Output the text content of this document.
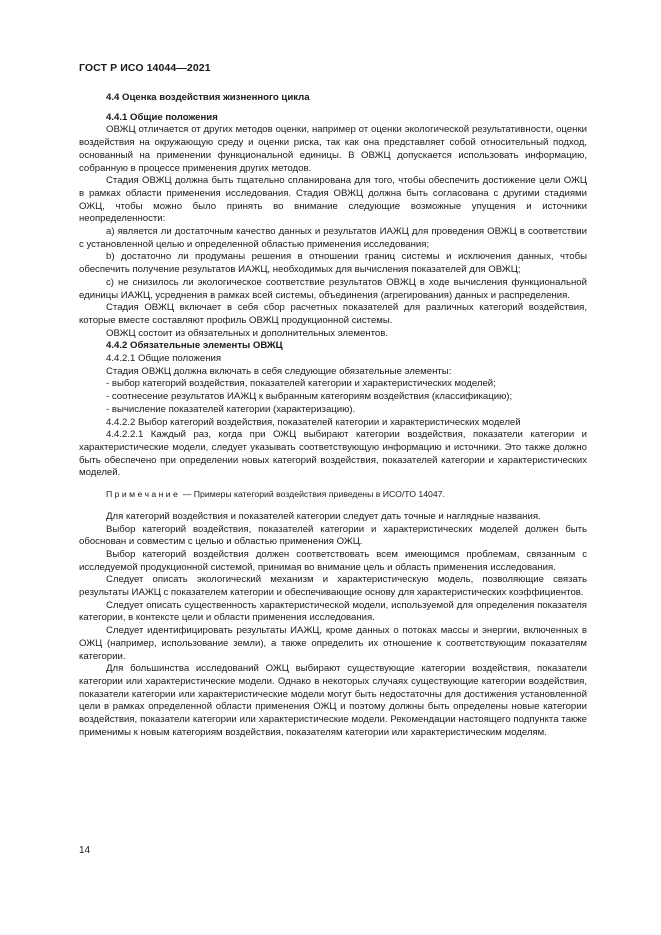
ГОСТ Р ИСО 14044—2021

4.4 Оценка воздействия жизненного цикла

4.4.1 Общие положения

ОВЖЦ отличается от других методов оценки, например от оценки экологической результативности, оценки воздействия на окружающую среду и оценки риска, так как она представляет собой относительный подход, основанный на применении функциональной единицы. В ОВЖЦ допускается использовать информацию, собранную в процессе применения других методов.

Стадия ОВЖЦ должна быть тщательно спланирована для того, чтобы обеспечить достижение цели ОЖЦ в рамках области применения исследования. Стадия ОВЖЦ должна быть согласована с другими стадиями ОЖЦ, чтобы можно было принять во внимание следующие возможные упущения и источники неопределенности:

a) является ли достаточным качество данных и результатов ИАЖЦ для проведения ОВЖЦ в соответствии с установленной целью и определенной областью применения исследования;

b) достаточно ли продуманы решения в отношении границ системы и исключения данных, чтобы обеспечить получение результатов ИАЖЦ, необходимых для вычисления показателей для ОВЖЦ;

c) не снизилось ли экологическое соответствие результатов ОВЖЦ в ходе вычисления функциональной единицы ИАЖЦ, усреднения в рамках всей системы, объединения (агрегирования) данных и распределения.

Стадия ОВЖЦ включает в себя сбор расчетных показателей для различных категорий воздействия, которые вместе составляют профиль ОВЖЦ продукционной системы.

ОВЖЦ состоит из обязательных и дополнительных элементов.

4.4.2 Обязательные элементы ОВЖЦ

4.4.2.1 Общие положения

Стадия ОВЖЦ должна включать в себя следующие обязательные элементы:

- выбор категорий воздействия, показателей категории и характеристических моделей;

- соотнесение результатов ИАЖЦ к выбранным категориям воздействия (классификацию);

- вычисление показателей категории (характеризацию).

4.4.2.2 Выбор категорий воздействия, показателей категории и характеристических моделей

4.4.2.2.1 Каждый раз, когда при ОЖЦ выбирают категории воздействия, показатели категории и характеристические модели, следует указывать соответствующую информацию и источники. Это также должно быть обеспечено при определении новых категорий воздействия, показателей категории и характеристических моделей.

Примечание — Примеры категорий воздействия приведены в ИСО/ТО 14047.

Для категорий воздействия и показателей категории следует дать точные и наглядные названия.

Выбор категорий воздействия, показателей категории и характеристических моделей должен быть обоснован и совместим с целью и областью применения ОЖЦ.

Выбор категорий воздействия должен соответствовать всем имеющимся проблемам, связанным с исследуемой продукционной системой, принимая во внимание цель и область применения исследования.

Следует описать экологический механизм и характеристическую модель, позволяющие связать результаты ИАЖЦ с показателем категории и обеспечивающие основу для характеристических коэффициентов.

Следует описать существенность характеристической модели, используемой для определения показателя категории, в контексте цели и области применения исследования.

Следует идентифицировать результаты ИАЖЦ, кроме данных о потоках массы и энергии, включенных в ОЖЦ (например, использование земли), а также определить их отношение к соответствующим показателям категории.

Для большинства исследований ОЖЦ выбирают существующие категории воздействия, показатели категории или характеристические модели. Однако в некоторых случаях существующие категории воздействия, показатели категории или характеристические модели могут быть недостаточны для достижения установленной цели в рамках определенной области применения ОЖЦ и поэтому должны быть определены новые категории воздействия, показатели категории или характеристические модели. Рекомендации настоящего подпункта также применимы к новым категориям воздействия, показателям категории или характеристическим моделям.

14
